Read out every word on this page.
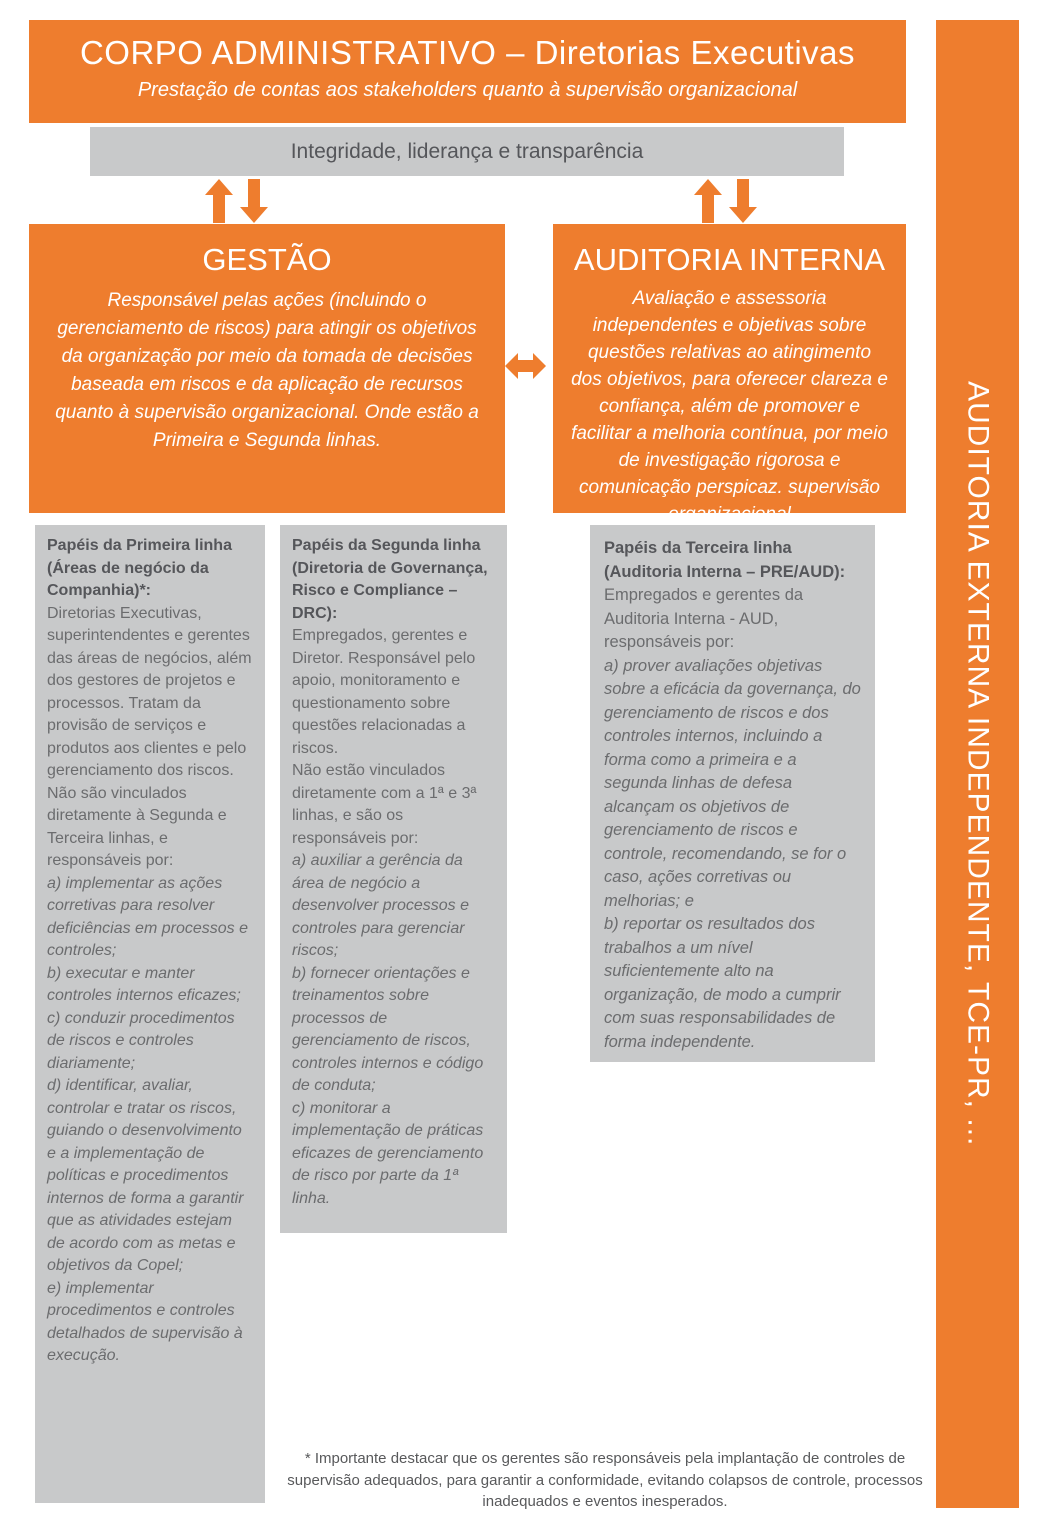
CORPO ADMINISTRATIVO – Diretorias Executivas
Prestação de contas aos stakeholders quanto à supervisão organizacional
Integridade, liderança e transparência
GESTÃO
Responsável pelas ações (incluindo o gerenciamento de riscos) para atingir os objetivos da organização por meio da tomada de decisões baseada em riscos e da aplicação de recursos quanto à supervisão organizacional. Onde estão a Primeira e Segunda linhas.
AUDITORIA INTERNA
Avaliação e assessoria independentes e objetivas sobre questões relativas ao atingimento dos objetivos, para oferecer clareza e confiança, além de promover e facilitar a melhoria contínua, por meio de investigação rigorosa e comunicação perspicaz. supervisão organizacional
Papéis da Primeira linha (Áreas de negócio da Companhia)*:
Diretorias Executivas, superintendentes e gerentes das áreas de negócios, além dos gestores de projetos e processos. Tratam da provisão de serviços e produtos aos clientes e pelo gerenciamento dos riscos.
Não são vinculados diretamente à Segunda e Terceira linhas, e responsáveis por:
a) implementar as ações corretivas para resolver deficiências em processos e controles;
b) executar e manter controles internos eficazes;
c) conduzir procedimentos de riscos e controles diariamente;
d) identificar, avaliar, controlar e tratar os riscos, guiando o desenvolvimento e a implementação de políticas e procedimentos internos de forma a garantir que as atividades estejam de acordo com as metas e objetivos da Copel;
e) implementar procedimentos e controles detalhados de supervisão à execução.
Papéis da Segunda linha (Diretoria de Governança, Risco e Compliance – DRC):
Empregados, gerentes e Diretor. Responsável pelo apoio, monitoramento e questionamento sobre questões relacionadas a riscos.
Não estão vinculados diretamente com a 1ª e 3ª linhas, e são os responsáveis por:
a) auxiliar a gerência da área de negócio a desenvolver processos e controles para gerenciar riscos;
b) fornecer orientações e treinamentos sobre processos de gerenciamento de riscos, controles internos e código de conduta;
c) monitorar a implementação de práticas eficazes de gerenciamento de risco por parte da 1ª linha.
Papéis da Terceira linha (Auditoria Interna – PRE/AUD):
Empregados e gerentes da Auditoria Interna - AUD, responsáveis por:
a) prover avaliações objetivas sobre a eficácia da governança, do gerenciamento de riscos e dos controles internos, incluindo a forma como a primeira e a segunda linhas de defesa alcançam os objetivos de gerenciamento de riscos e controle, recomendando, se for o caso, ações corretivas ou melhorias; e
b) reportar os resultados dos trabalhos a um nível suficientemente alto na organização, de modo a cumprir com suas responsabilidades de forma independente.	AUDITORIA EXTERNA INDEPENDENTE, TCE-PR, ...
* Importante destacar que os gerentes são responsáveis pela implantação de controles de supervisão adequados, para garantir a conformidade, evitando colapsos de controle, processos inadequados e eventos inesperados.
